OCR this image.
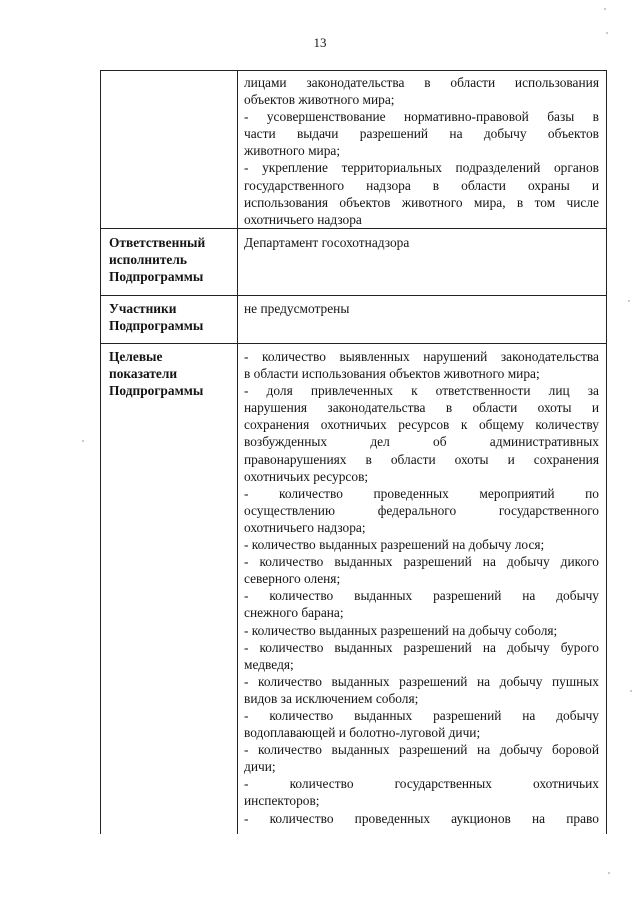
13
лицами законодательства в области использования
объектов животного мира;
- усовершенствование нормативно-правовой базы в
части выдачи разрешений на добычу объектов
животного мира;
- укрепление территориальных подразделений органов
государственного надзора в области охраны и
использования объектов животного мира, в том числе
охотничьего надзора
Ответственный
исполнитель
Подпрограммы
Департамент госохотнадзора
Участники
Подпрограммы
не предусмотрены
Целевые
показатели
Подпрограммы
- количество выявленных нарушений законодательства
в области использования объектов животного мира;
- доля привлеченных к ответственности лиц за
нарушения законодательства в области охоты и
сохранения охотничьих ресурсов к общему количеству
возбужденных дел об административных
правонарушениях в области охоты и сохранения
охотничьих ресурсов;
- количество проведенных мероприятий по
осуществлению федерального государственного
охотничьего надзора;
- количество выданных разрешений на добычу лося;
- количество выданных разрешений на добычу дикого
северного оленя;
- количество выданных разрешений на добычу
снежного барана;
- количество выданных разрешений на добычу соболя;
- количество выданных разрешений на добычу бурого
медведя;
- количество выданных разрешений на добычу пушных
видов за исключением соболя;
- количество выданных разрешений на добычу
водоплавающей и болотно-луговой дичи;
- количество выданных разрешений на добычу боровой
дичи;
- количество государственных охотничьих
инспекторов;
- количество проведенных аукционов на право
